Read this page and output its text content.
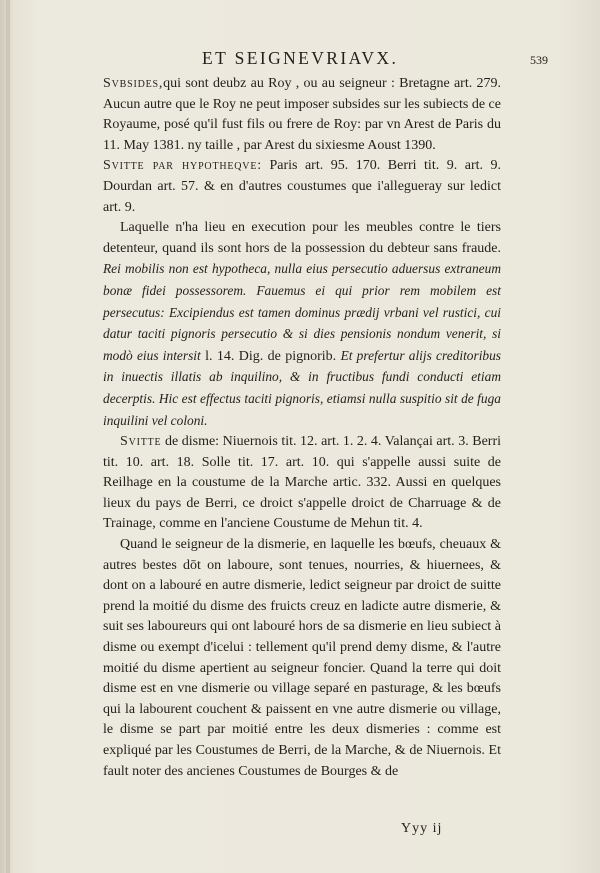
ET SEIGNEVRIAVX.	539

Svbsides,qui sont deubz au Roy , ou au seigneur : Bretagne art. 279. Aucun autre que le Roy ne peut imposer subsides sur les subiects de ce Royaume, posé qu'il fust fils ou frere de Roy: par vn Arest de Paris du 11. May 1381. ny taille , par Arest du sixiesme Aoust 1390.

Svitte par hypotheqve: Paris art. 95. 170. Berri tit. 9. art. 9. Dourdan art. 57. & en d'autres coustumes que i'allegueray sur ledict art. 9.

Laquelle n'ha lieu en execution pour les meubles contre le tiers detenteur, quand ils sont hors de la possession du debteur sans fraude. Rei mobilis non est hypotheca, nulla eius persecutio aduersus extraneum bonæ fidei possessorem. Fauemus ei qui prior rem mobilem est persecutus: Excipiendus est tamen dominus prædij vrbani vel rustici, cui datur taciti pignoris persecutio & si dies pensionis nondum venerit, si modò eius intersit l. 14. Dig. de pignorib. Et prefertur alijs creditoribus in inuectis illatis ab inquilino, & in fructibus fundi conducti etiam decerptis. Hic est effectus taciti pignoris, etiamsi nulla suspitio sit de fuga inquilini vel coloni.

Svitte de disme: Niuernois tit. 12. art. 1. 2. 4. Valançai art. 3. Berri tit. 10. art. 18. Solle tit. 17. art. 10. qui s'appelle aussi suite de Reilhage en la coustume de la Marche artic. 332. Aussi en quelques lieux du pays de Berri, ce droict s'appelle droict de Charruage & de Trainage, comme en l'anciene Coustume de Mehun tit. 4.

Quand le seigneur de la dismerie, en laquelle les bœufs, cheuaux & autres bestes dōt on laboure, sont tenues, nourries, & hiuernees, & dont on a labouré en autre dismerie, ledict seigneur par droict de suitte prend la moitié du disme des fruicts creuz en ladicte autre dismerie, & suit ses laboureurs qui ont labouré hors de sa dismerie en lieu subiect à disme ou exempt d'icelui : tellement qu'il prend demy disme, & l'autre moitié du disme apertient au seigneur foncier. Quand la terre qui doit disme est en vne dismerie ou village separé en pasturage, & les bœufs qui la labourent couchent & paissent en vne autre dismerie ou village, le disme se part par moitié entre les deux dismeries : comme est expliqué par les Coustumes de Berri, de la Marche, & de Niuernois. Et fault noter des ancienes Coustumes de Bourges & de

Yyy ij
